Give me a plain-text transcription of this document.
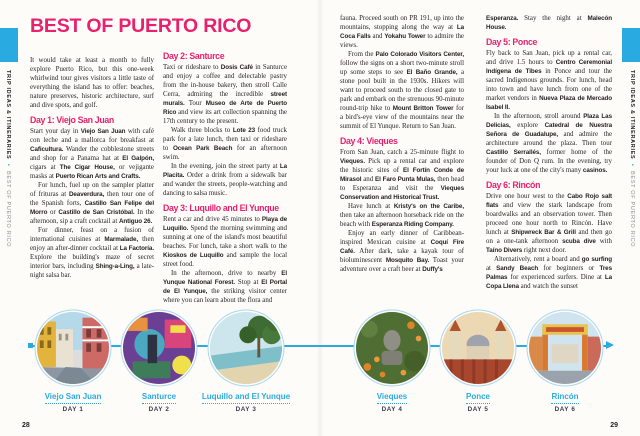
TRIP IDEAS & ITINERARIES  •  BEST OF PUERTO RICO
TRIP IDEAS & ITINERARIES  •  BEST OF PUERTO RICO
BEST OF PUERTO RICO
It would take at least a month to fully explore Puerto Rico, but this one-week whirlwind tour gives visitors a little taste of everything the island has to offer: beaches, nature preserves, historic architecture, surf and dive spots, and golf.
Day 1: Viejo San Juan
Start your day in Viejo San Juan with café con leche and a mallorca for breakfast at Caficultura. Wander the cobblestone streets and shop for a Panama hat at El Galpón, cigars at The Cigar House, or vejigante masks at Puerto Rican Arts and Crafts.
For lunch, fuel up on the sampler platter of frituras at Deaverdura, then tour one of the Spanish forts, Castillo San Felipe del Morro or Castillo de San Cristóbal. In the afternoon, sip a craft cocktail at Antiguo 26.
For dinner, feast on a fusion of international cuisines at Marmalade, then enjoy an after-dinner cocktail at La Factoría. Explore the building's maze of secret interior bars, including Shing-a-Ling, a late-night salsa bar.
Day 2: Santurce
Taxi or rideshare to Dosis Café in Santurce and enjoy a coffee and delectable pastry from the in-house bakery, then stroll Calle Cerra, admiring the incredible street murals. Tour Museo de Arte de Puerto Rico and view its art collection spanning the 17th century to the present.
Walk three blocks to Lote 23 food truck park for a late lunch, then taxi or rideshare to Ocean Park Beach for an afternoon swim.
In the evening, join the street party at La Placita. Order a drink from a sidewalk bar and wander the streets, people-watching and dancing to salsa music.
Day 3: Luquillo and El Yunque
Rent a car and drive 45 minutes to Playa de Luquillo. Spend the morning swimming and sunning at one of the island's most beautiful beaches. For lunch, take a short walk to the Kioskos de Luquillo and sample the local street food.
In the afternoon, drive to nearby El Yunque National Forest. Stop at El Portal de El Yunque, the striking visitor center where you can learn about the flora and
fauna. Proceed south on PR 191, up into the mountains, stopping along the way at La Coca Falls and Yokahu Tower to admire the views.
From the Palo Colorado Visitors Center, follow the signs on a short two-minute stroll up some steps to see El Baño Grande, a stone pool built in the 1930s. Hikers will want to proceed south to the closed gate to park and embark on the strenuous 90-minute round-trip hike to Mount Britton Tower for a bird's-eye view of the mountains near the summit of El Yunque. Return to San Juan.
Day 4: Vieques
From San Juan, catch a 25-minute flight to Vieques. Pick up a rental car and explore the historic sites of El Fortín Conde de Mirasol and El Faro Punta Mulas, then head to Esperanza and visit the Vieques Conservation and Historical Trust.
Have lunch at Kristy's on the Caribe, then take an afternoon horseback ride on the beach with Esperanza Riding Company.
Enjoy an early dinner of Caribbean-inspired Mexican cuisine at Coquí Fire Café. After dark, take a kayak tour of bioluminescent Mosquito Bay. Toast your adventure over a craft beer at Duffy's
Esperanza. Stay the night at Malecón House.
Day 5: Ponce
Fly back to San Juan, pick up a rental car, and drive 1.5 hours to Centro Ceremonial Indígena de Tibes in Ponce and tour the sacred Indigenous grounds. For lunch, head into town and have lunch from one of the market vendors in Nueva Plaza de Mercado Isabel II.
In the afternoon, stroll around Plaza Las Delicias, explore Catedral de Nuestra Señora de Guadalupe, and admire the architecture around the plaza. Then tour Castillo Serrallés, former home of the founder of Don Q rum. In the evening, try your luck at one of the city's many casinos.
Day 6: Rincón
Drive one hour west to the Cabo Rojo salt flats and view the stark landscape from boardwalks and an observation tower. Then proceed one hour north to Rincón. Have lunch at Shipwreck Bar & Grill and then go on a one-tank afternoon scuba dive with Taíno Divers right next door.
Alternatively, rent a board and go surfing at Sandy Beach for beginners or Tres Palmas for experienced surfers. Dine at La Copa Llena and watch the sunset
Viejo San Juan
DAY 1
Santurce
DAY 2
Luquillo and El Yunque
DAY 3
Vieques
DAY 4
Ponce
DAY 5
Rincón
DAY 6
28	29
